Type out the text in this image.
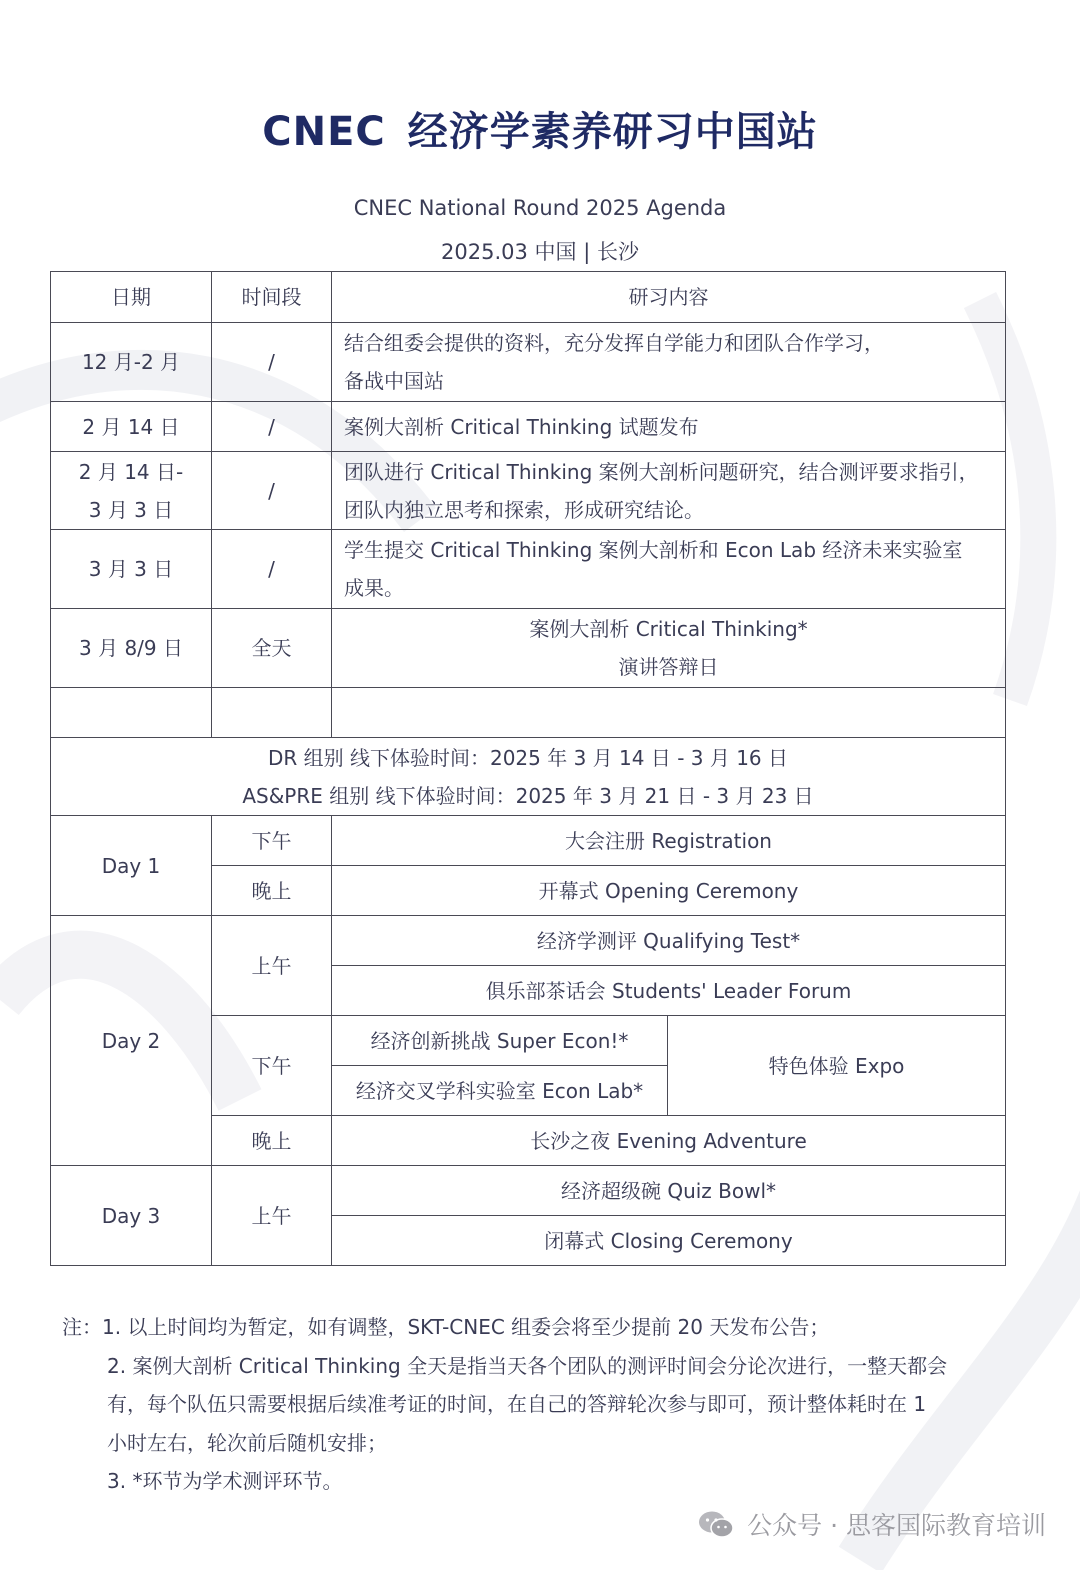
CNEC 经济学素养研习中国站
CNEC National Round 2025 Agenda
2025.03 中国 | 长沙
日期	时间段	研习内容	

12 月-2 月	/	结合组委会提供的资料，充分发挥自学能力和团队合作学习，
备战中国站	

2 月 14 日	/	案例大剖析 Critical Thinking 试题发布	

2 月 14 日-
3 月 3 日	/	团队进行 Critical Thinking 案例大剖析问题研究，结合测评要求指引，
团队内独立思考和探索，形成研究结论。	

3 月 3 日	/	学生提交 Critical Thinking 案例大剖析和 Econ Lab 经济未来实验室
成果。	

3 月 8/9 日	全天	案例大剖析 Critical Thinking*
演讲答辩日	

DR 组别 线下体验时间：2025 年 3 月 14 日 - 3 月 16 日
AS&PRE 组别 线下体验时间：2025 年 3 月 21 日 - 3 月 23 日			

Day 1	下午	大会注册 Registration	
	晚上	开幕式 Opening Ceremony	
Day 2	上午	经济学测评 Qualifying Test*	
		俱乐部茶话会 Students' Leader Forum	
	下午	经济创新挑战 Super Econ!*	特色体验 Expo
		经济交叉学科实验室 Econ Lab*	
	晚上	长沙之夜 Evening Adventure	
Day 3	上午	经济超级碗 Quiz Bowl*	
		闭幕式 Closing Ceremony	
注：1. 以上时间均为暂定，如有调整，SKT-CNEC 组委会将至少提前 20 天发布公告；
2. 案例大剖析 Critical Thinking 全天是指当天各个团队的测评时间会分论次进行，一整天都会
有，每个队伍只需要根据后续准考证的时间，在自己的答辩轮次参与即可，预计整体耗时在 1
小时左右，轮次前后随机安排；
3. *环节为学术测评环节。
公众号 · 思客国际教育培训
